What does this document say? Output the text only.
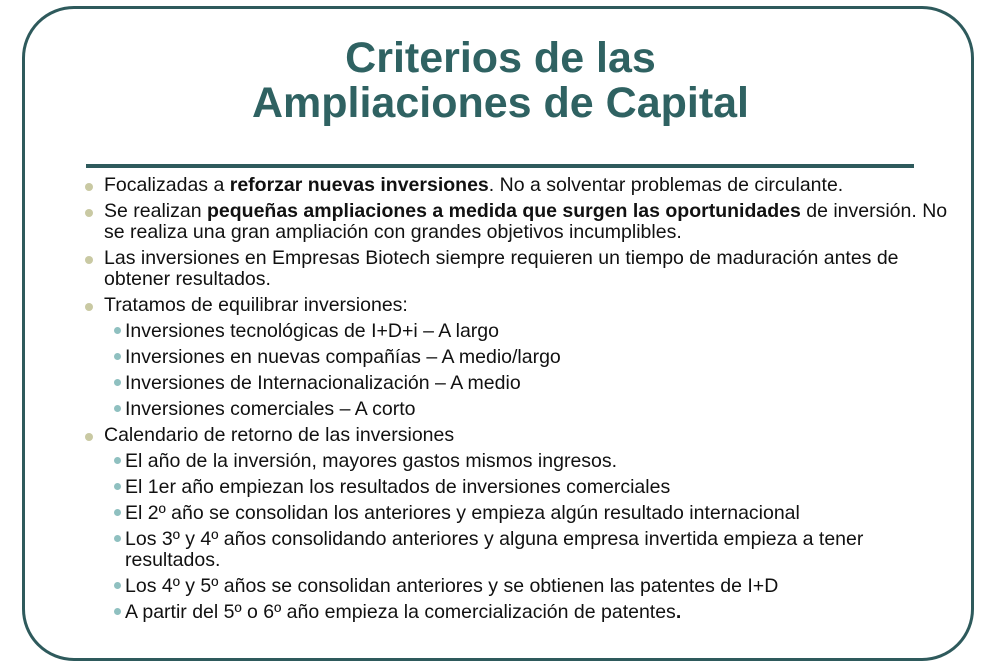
Criterios de las
Ampliaciones de Capital
Focalizadas a reforzar nuevas inversiones. No a solventar problemas de circulante.
Se realizan pequeñas ampliaciones a medida que surgen las oportunidades de inversión. No se realiza una gran ampliación con grandes objetivos incumplibles.
Las inversiones en Empresas Biotech siempre requieren un tiempo de maduración antes de obtener resultados.
Tratamos de equilibrar inversiones:
Inversiones tecnológicas de I+D+i – A largo
Inversiones en nuevas compañías – A medio/largo
Inversiones de Internacionalización – A medio
Inversiones comerciales – A corto
Calendario de retorno de las inversiones
El año de la inversión, mayores gastos mismos ingresos.
El 1er año empiezan los resultados de inversiones comerciales
El 2º año se consolidan los anteriores y empieza algún resultado internacional
Los 3º y 4º años consolidando anteriores y alguna empresa invertida empieza a tener resultados.
Los 4º y 5º años se consolidan anteriores y se obtienen las patentes de I+D
A partir del 5º o 6º año empieza la comercialización de patentes.
